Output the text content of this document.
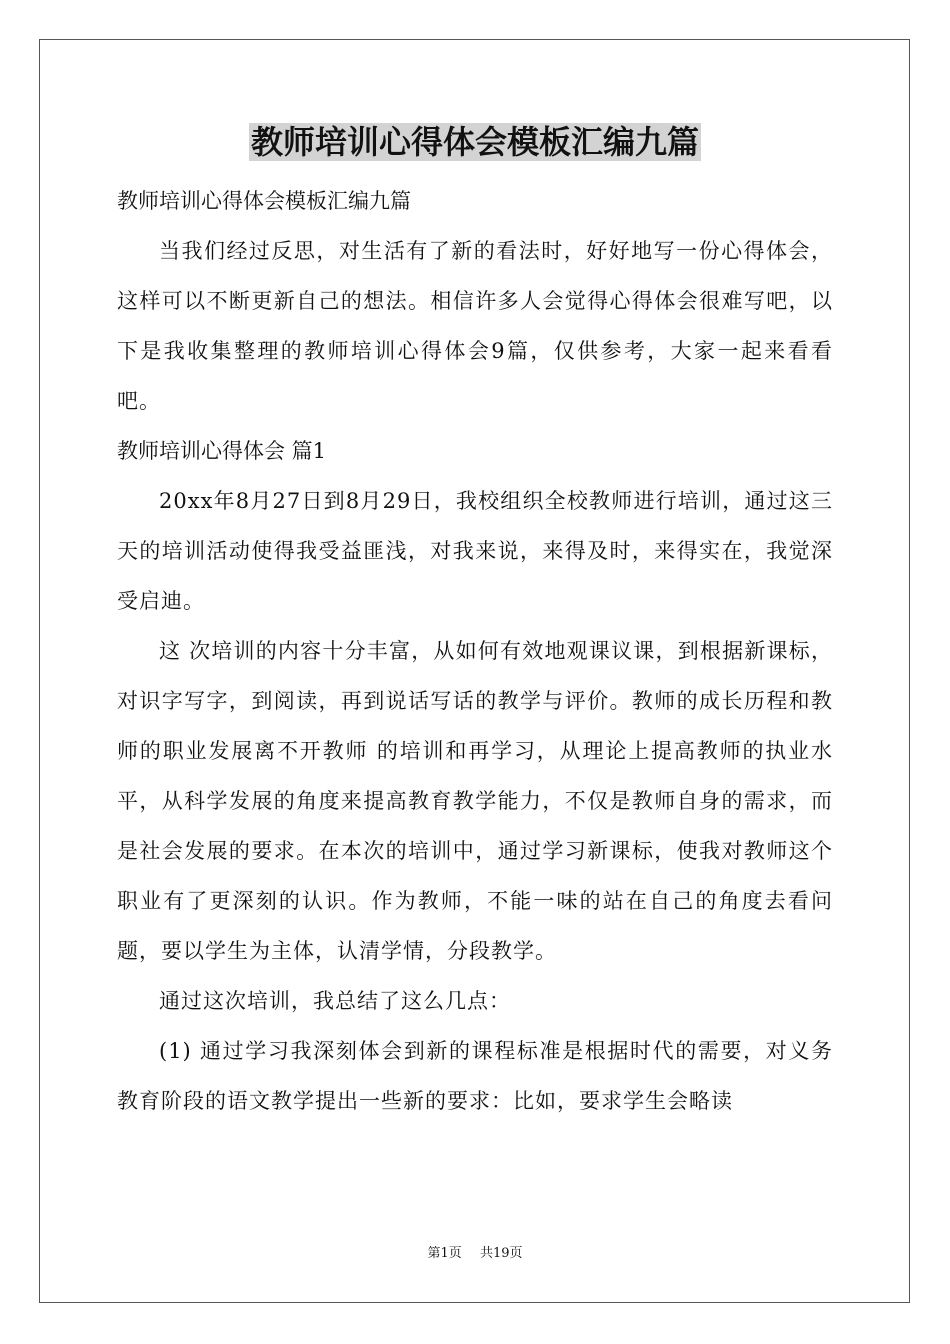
教师培训心得体会模板汇编九篇

教师培训心得体会模板汇编九篇

当我们经过反思，对生活有了新的看法时，好好地写一份心得体会，这样可以不断更新自己的想法。相信许多人会觉得心得体会很难写吧，以下是我收集整理的教师培训心得体会9篇，仅供参考，大家一起来看看吧。

教师培训心得体会 篇1

20xx年8月27日到8月29日，我校组织全校教师进行培训，通过这三天的培训活动使得我受益匪浅，对我来说，来得及时，来得实在，我觉深受启迪。

这 次培训的内容十分丰富，从如何有效地观课议课，到根据新课标，对识字写字，到阅读，再到说话写话的教学与评价。教师的成长历程和教师的职业发展离不开教师 的培训和再学习，从理论上提高教师的执业水平，从科学发展的角度来提高教育教学能力，不仅是教师自身的需求，而是社会发展的要求。在本次的培训中，通过学习新课标，使我对教师这个职业有了更深刻的认识。作为教师，不能一味的站在自己的角度去看问题，要以学生为主体，认清学情，分段教学。

通过这次培训，我总结了这么几点：

(1) 通过学习我深刻体会到新的课程标准是根据时代的需要，对义务教育阶段的语文教学提出一些新的要求：比如，要求学生会略读

第1页 共19页
